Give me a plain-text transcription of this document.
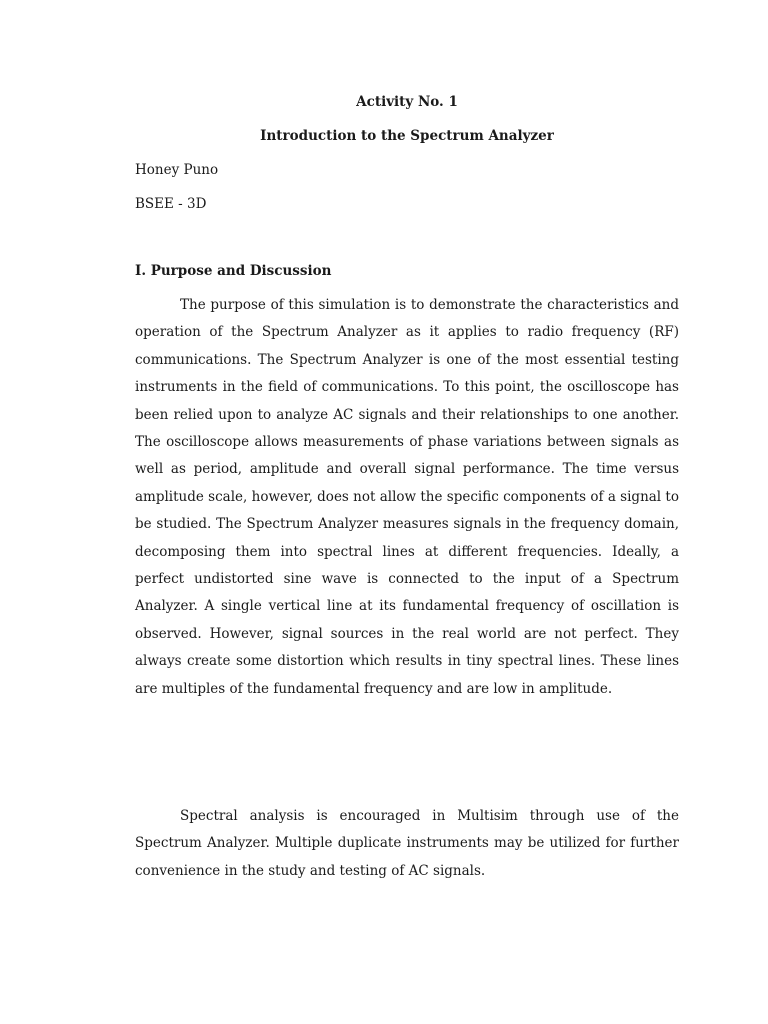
Activity No. 1
Introduction to the Spectrum Analyzer
Honey Puno
BSEE - 3D
I. Purpose and Discussion

The purpose of this simulation is to demonstrate the characteristics and operation of the Spectrum Analyzer as it applies to radio frequency (RF) communications. The Spectrum Analyzer is one of the most essential testing instruments in the field of communications. To this point, the oscilloscope has been relied upon to analyze AC signals and their relationships to one another. The oscilloscope allows measurements of phase variations between signals as well as period, amplitude and overall signal performance. The time versus amplitude scale, however, does not allow the specific components of a signal to be studied. The Spectrum Analyzer measures signals in the frequency domain, decomposing them into spectral lines at different frequencies. Ideally, a perfect undistorted sine wave is connected to the input of a Spectrum Analyzer. A single vertical line at its fundamental frequency of oscillation is observed. However, signal sources in the real world are not perfect. They always create some distortion which results in tiny spectral lines. These lines are multiples of the fundamental frequency and are low in amplitude.

Spectral analysis is encouraged in Multisim through use of the Spectrum Analyzer. Multiple duplicate instruments may be utilized for further convenience in the study and testing of AC signals.
